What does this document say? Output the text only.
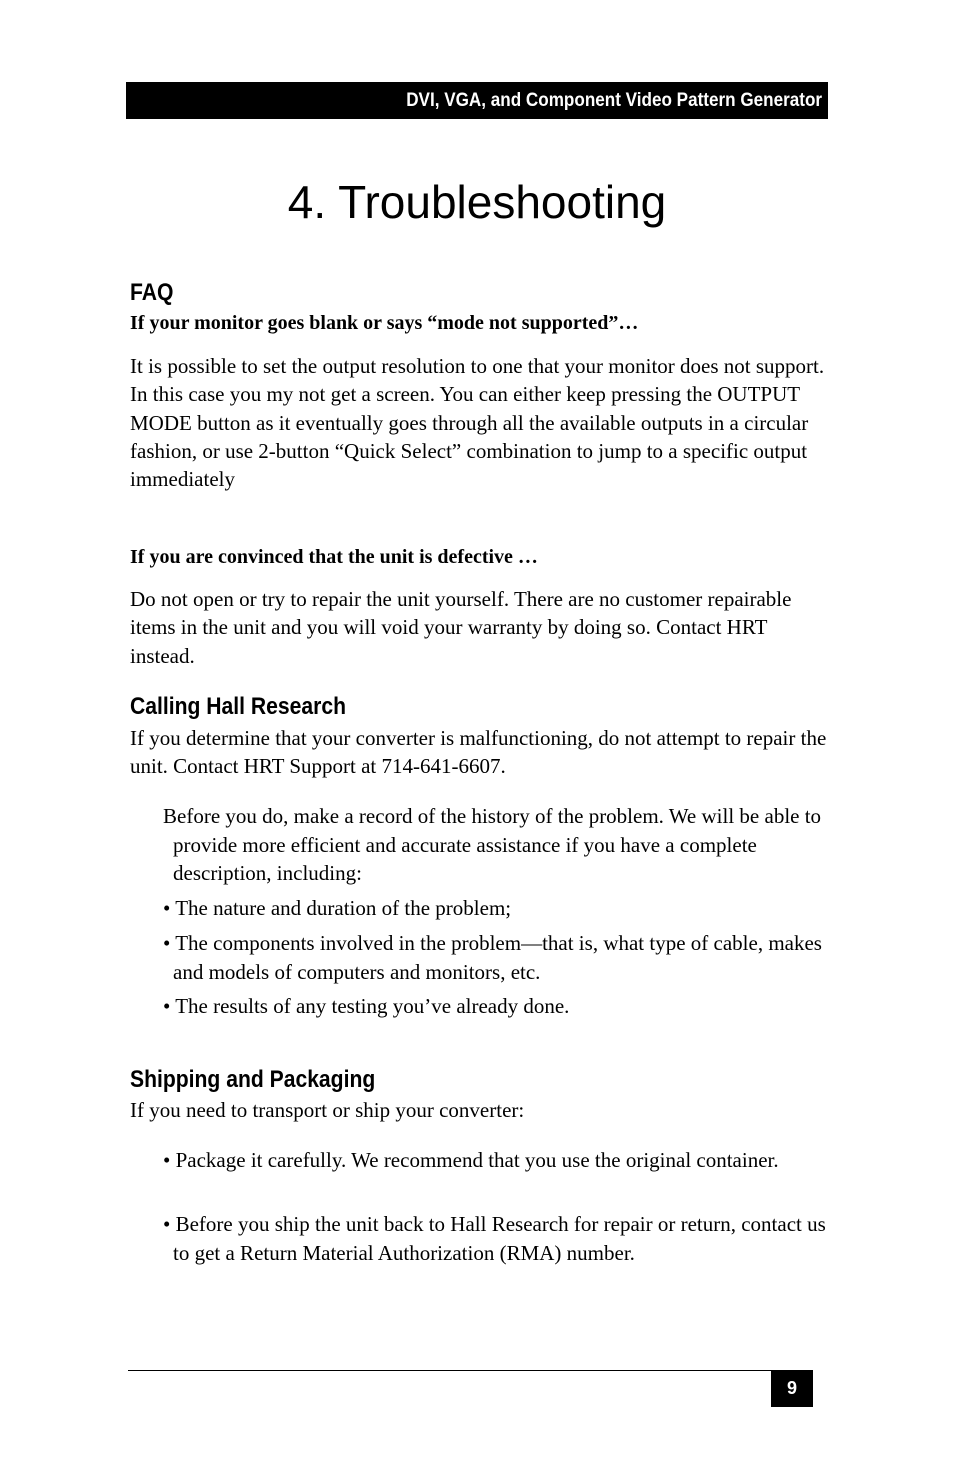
DVI, VGA, and Component Video Pattern Generator
4. Troubleshooting
FAQ

If your monitor goes blank or says “mode not supported”…

It is possible to set the output resolution to one that your monitor does not support. In this case you my not get a screen. You can either keep pressing the OUTPUT MODE button as it eventually goes through all the available outputs in a circular fashion, or use 2-button “Quick Select” combination to jump to a specific output immediately

If you are convinced that the unit is defective …

Do not open or try to repair the unit yourself. There are no customer repairable items in the unit and you will void your warranty by doing so. Contact HRT instead.

Calling Hall Research

If you determine that your converter is malfunctioning, do not attempt to repair the unit. Contact HRT Support at 714-641-6607.

Before you do, make a record of the history of the problem. We will be able to provide more efficient and accurate assistance if you have a complete description, including:

• The nature and duration of the problem;

• The components involved in the problem—that is, what type of cable, makes and models of computers and monitors, etc.

• The results of any testing you’ve already done.

Shipping and Packaging

If you need to transport or ship your converter:

• Package it carefully. We recommend that you use the original container.

• Before you ship the unit back to Hall Research for repair or return, contact us to get a Return Material Authorization (RMA) number.

9
